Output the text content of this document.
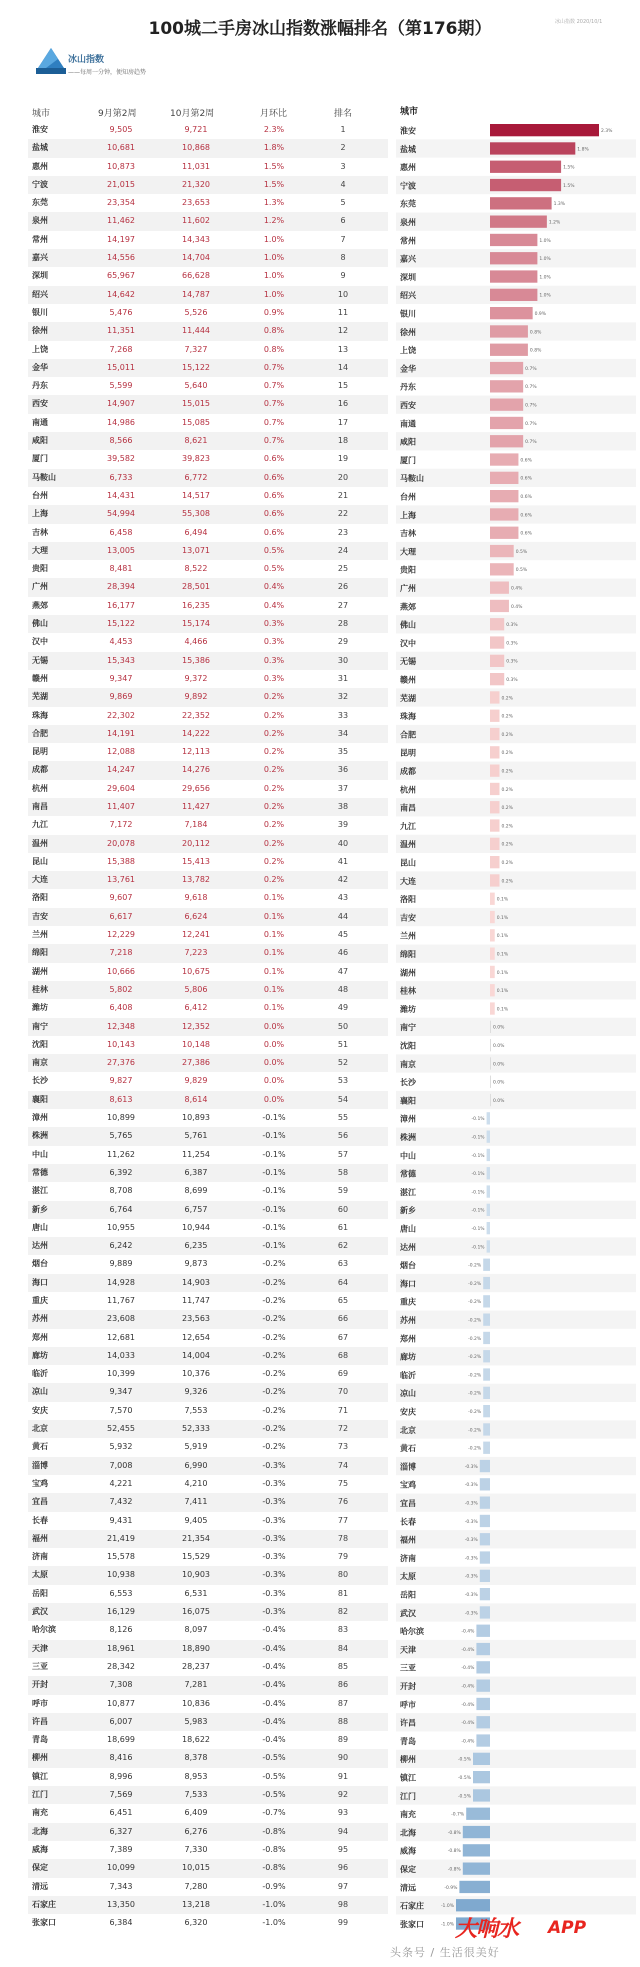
100城二手房冰山指数涨幅排名（第176期）	冰山指数 2020/10/1
冰山指数
——每周一分钟，便知房趋势
城市	9月第2周	10月第2周	月环比	排名
淮安	9,505	9,721	2.3%	1
盐城	10,681	10,868	1.8%	2
惠州	10,873	11,031	1.5%	3
宁波	21,015	21,320	1.5%	4
东莞	23,354	23,653	1.3%	5
泉州	11,462	11,602	1.2%	6
常州	14,197	14,343	1.0%	7
嘉兴	14,556	14,704	1.0%	8
深圳	65,967	66,628	1.0%	9
绍兴	14,642	14,787	1.0%	10
银川	5,476	5,526	0.9%	11
徐州	11,351	11,444	0.8%	12
上饶	7,268	7,327	0.8%	13
金华	15,011	15,122	0.7%	14
丹东	5,599	5,640	0.7%	15
西安	14,907	15,015	0.7%	16
南通	14,986	15,085	0.7%	17
咸阳	8,566	8,621	0.7%	18
厦门	39,582	39,823	0.6%	19
马鞍山	6,733	6,772	0.6%	20
台州	14,431	14,517	0.6%	21
上海	54,994	55,308	0.6%	22
吉林	6,458	6,494	0.6%	23
大理	13,005	13,071	0.5%	24
贵阳	8,481	8,522	0.5%	25
广州	28,394	28,501	0.4%	26
燕郊	16,177	16,235	0.4%	27
佛山	15,122	15,174	0.3%	28
汉中	4,453	4,466	0.3%	29
无锡	15,343	15,386	0.3%	30
赣州	9,347	9,372	0.3%	31
芜湖	9,869	9,892	0.2%	32
珠海	22,302	22,352	0.2%	33
合肥	14,191	14,222	0.2%	34
昆明	12,088	12,113	0.2%	35
成都	14,247	14,276	0.2%	36
杭州	29,604	29,656	0.2%	37
南昌	11,407	11,427	0.2%	38
九江	7,172	7,184	0.2%	39
温州	20,078	20,112	0.2%	40
昆山	15,388	15,413	0.2%	41
大连	13,761	13,782	0.2%	42
洛阳	9,607	9,618	0.1%	43
吉安	6,617	6,624	0.1%	44
兰州	12,229	12,241	0.1%	45
绵阳	7,218	7,223	0.1%	46
湖州	10,666	10,675	0.1%	47
桂林	5,802	5,806	0.1%	48
潍坊	6,408	6,412	0.1%	49
南宁	12,348	12,352	0.0%	50
沈阳	10,143	10,148	0.0%	51
南京	27,376	27,386	0.0%	52
长沙	9,827	9,829	0.0%	53
襄阳	8,613	8,614	0.0%	54
漳州	10,899	10,893	-0.1%	55
株洲	5,765	5,761	-0.1%	56
中山	11,262	11,254	-0.1%	57
常德	6,392	6,387	-0.1%	58
湛江	8,708	8,699	-0.1%	59
新乡	6,764	6,757	-0.1%	60
唐山	10,955	10,944	-0.1%	61
达州	6,242	6,235	-0.1%	62
烟台	9,889	9,873	-0.2%	63
海口	14,928	14,903	-0.2%	64
重庆	11,767	11,747	-0.2%	65
苏州	23,608	23,563	-0.2%	66
郑州	12,681	12,654	-0.2%	67
廊坊	14,033	14,004	-0.2%	68
临沂	10,399	10,376	-0.2%	69
凉山	9,347	9,326	-0.2%	70
安庆	7,570	7,553	-0.2%	71
北京	52,455	52,333	-0.2%	72
黄石	5,932	5,919	-0.2%	73
淄博	7,008	6,990	-0.3%	74
宝鸡	4,221	4,210	-0.3%	75
宜昌	7,432	7,411	-0.3%	76
长春	9,431	9,405	-0.3%	77
福州	21,419	21,354	-0.3%	78
济南	15,578	15,529	-0.3%	79
太原	10,938	10,903	-0.3%	80
岳阳	6,553	6,531	-0.3%	81
武汉	16,129	16,075	-0.3%	82
哈尔滨	8,126	8,097	-0.4%	83
天津	18,961	18,890	-0.4%	84
三亚	28,342	28,237	-0.4%	85
开封	7,308	7,281	-0.4%	86
呼市	10,877	10,836	-0.4%	87
许昌	6,007	5,983	-0.4%	88
青岛	18,699	18,622	-0.4%	89
柳州	8,416	8,378	-0.5%	90
镇江	8,996	8,953	-0.5%	91
江门	7,569	7,533	-0.5%	92
南充	6,451	6,409	-0.7%	93
北海	6,327	6,276	-0.8%	94
威海	7,389	7,330	-0.8%	95
保定	10,099	10,015	-0.8%	96
清远	7,343	7,280	-0.9%	97
石家庄	13,350	13,218	-1.0%	98
张家口	6,384	6,320	-1.0%	99
城市
淮安	2.3%
盐城	1.8%
惠州	1.5%
宁波	1.5%
东莞	1.3%
泉州	1.2%
常州	1.0%
嘉兴	1.0%
深圳	1.0%
绍兴	1.0%
银川	0.9%
徐州	0.8%
上饶	0.8%
金华	0.7%
丹东	0.7%
西安	0.7%
南通	0.7%
咸阳	0.7%
厦门	0.6%
马鞍山	0.6%
台州	0.6%
上海	0.6%
吉林	0.6%
大理	0.5%
贵阳	0.5%
广州	0.4%
燕郊	0.4%
佛山	0.3%
汉中	0.3%
无锡	0.3%
赣州	0.3%
芜湖	0.2%
珠海	0.2%
合肥	0.2%
昆明	0.2%
成都	0.2%
杭州	0.2%
南昌	0.2%
九江	0.2%
温州	0.2%
昆山	0.2%
大连	0.2%
洛阳	0.1%
吉安	0.1%
兰州	0.1%
绵阳	0.1%
湖州	0.1%
桂林	0.1%
潍坊	0.1%
南宁	0.0%
沈阳	0.0%
南京	0.0%
长沙	0.0%
襄阳	0.0%
漳州	-0.1%
株洲	-0.1%
中山	-0.1%
常德	-0.1%
湛江	-0.1%
新乡	-0.1%
唐山	-0.1%
达州	-0.1%
烟台	-0.2%
海口	-0.2%
重庆	-0.2%
苏州	-0.2%
郑州	-0.2%
廊坊	-0.2%
临沂	-0.2%
凉山	-0.2%
安庆	-0.2%
北京	-0.2%
黄石	-0.2%
淄博	-0.3%
宝鸡	-0.3%
宜昌	-0.3%
长春	-0.3%
福州	-0.3%
济南	-0.3%
太原	-0.3%
岳阳	-0.3%
武汉	-0.3%
哈尔滨	-0.4%
天津	-0.4%
三亚	-0.4%
开封	-0.4%
呼市	-0.4%
许昌	-0.4%
青岛	-0.4%
柳州	-0.5%
镇江	-0.5%
江门	-0.5%
南充	-0.7%
北海	-0.8%
威海	-0.8%
保定	-0.8%
清远	-0.9%
石家庄	-1.0%
张家口	-1.0% 大响水 APP
头条号 / 生活很美好
